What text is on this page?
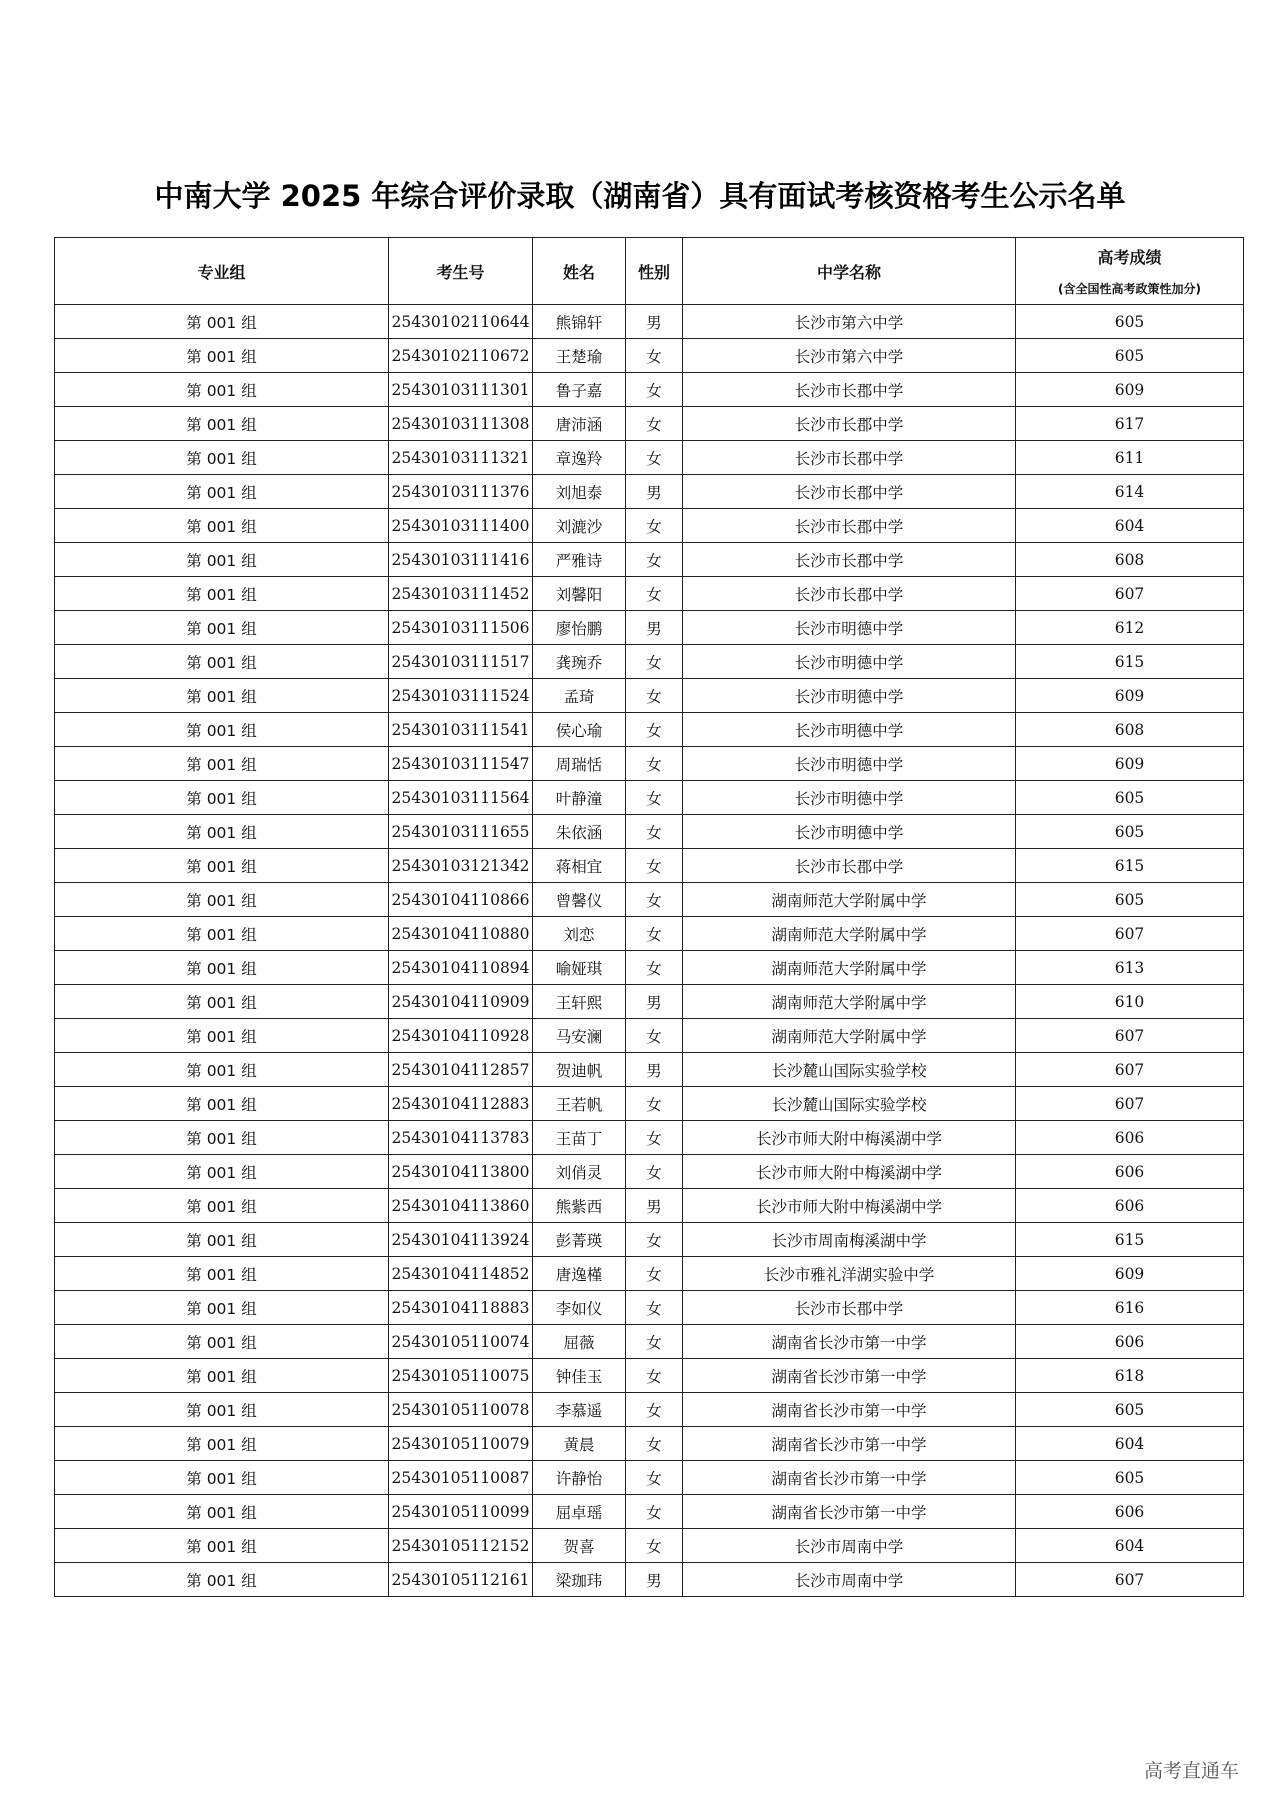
中南大学 2025 年综合评价录取（湖南省）具有面试考核资格考生公示名单
专业组	考生号	姓名	性别	中学名称	高考成绩
(含全国性高考政策性加分)

第 001 组	25430102110644	熊锦轩	男	长沙市第六中学	605
第 001 组	25430102110672	王楚瑜	女	长沙市第六中学	605
第 001 组	25430103111301	鲁子嘉	女	长沙市长郡中学	609
第 001 组	25430103111308	唐沛涵	女	长沙市长郡中学	617
第 001 组	25430103111321	章逸羚	女	长沙市长郡中学	611
第 001 组	25430103111376	刘旭泰	男	长沙市长郡中学	614
第 001 组	25430103111400	刘漉沙	女	长沙市长郡中学	604
第 001 组	25430103111416	严雅诗	女	长沙市长郡中学	608
第 001 组	25430103111452	刘馨阳	女	长沙市长郡中学	607
第 001 组	25430103111506	廖怡鹏	男	长沙市明德中学	612
第 001 组	25430103111517	龚琬乔	女	长沙市明德中学	615
第 001 组	25430103111524	孟琦	女	长沙市明德中学	609
第 001 组	25430103111541	侯心瑜	女	长沙市明德中学	608
第 001 组	25430103111547	周瑞恬	女	长沙市明德中学	609
第 001 组	25430103111564	叶静潼	女	长沙市明德中学	605
第 001 组	25430103111655	朱依涵	女	长沙市明德中学	605
第 001 组	25430103121342	蒋相宜	女	长沙市长郡中学	615
第 001 组	25430104110866	曾馨仪	女	湖南师范大学附属中学	605
第 001 组	25430104110880	刘恋	女	湖南师范大学附属中学	607
第 001 组	25430104110894	喻娅琪	女	湖南师范大学附属中学	613
第 001 组	25430104110909	王轩熙	男	湖南师范大学附属中学	610
第 001 组	25430104110928	马安澜	女	湖南师范大学附属中学	607
第 001 组	25430104112857	贺迪帆	男	长沙麓山国际实验学校	607
第 001 组	25430104112883	王若帆	女	长沙麓山国际实验学校	607
第 001 组	25430104113783	王苗丁	女	长沙市师大附中梅溪湖中学	606
第 001 组	25430104113800	刘俏灵	女	长沙市师大附中梅溪湖中学	606
第 001 组	25430104113860	熊紫西	男	长沙市师大附中梅溪湖中学	606
第 001 组	25430104113924	彭菁瑛	女	长沙市周南梅溪湖中学	615
第 001 组	25430104114852	唐逸槿	女	长沙市雅礼洋湖实验中学	609
第 001 组	25430104118883	李如仪	女	长沙市长郡中学	616
第 001 组	25430105110074	屈薇	女	湖南省长沙市第一中学	606
第 001 组	25430105110075	钟佳玉	女	湖南省长沙市第一中学	618
第 001 组	25430105110078	李慕遥	女	湖南省长沙市第一中学	605
第 001 组	25430105110079	黄晨	女	湖南省长沙市第一中学	604
第 001 组	25430105110087	许静怡	女	湖南省长沙市第一中学	605
第 001 组	25430105110099	屈卓瑶	女	湖南省长沙市第一中学	606
第 001 组	25430105112152	贺喜	女	长沙市周南中学	604
第 001 组	25430105112161	梁珈玮	男	长沙市周南中学	607
高考直通车
